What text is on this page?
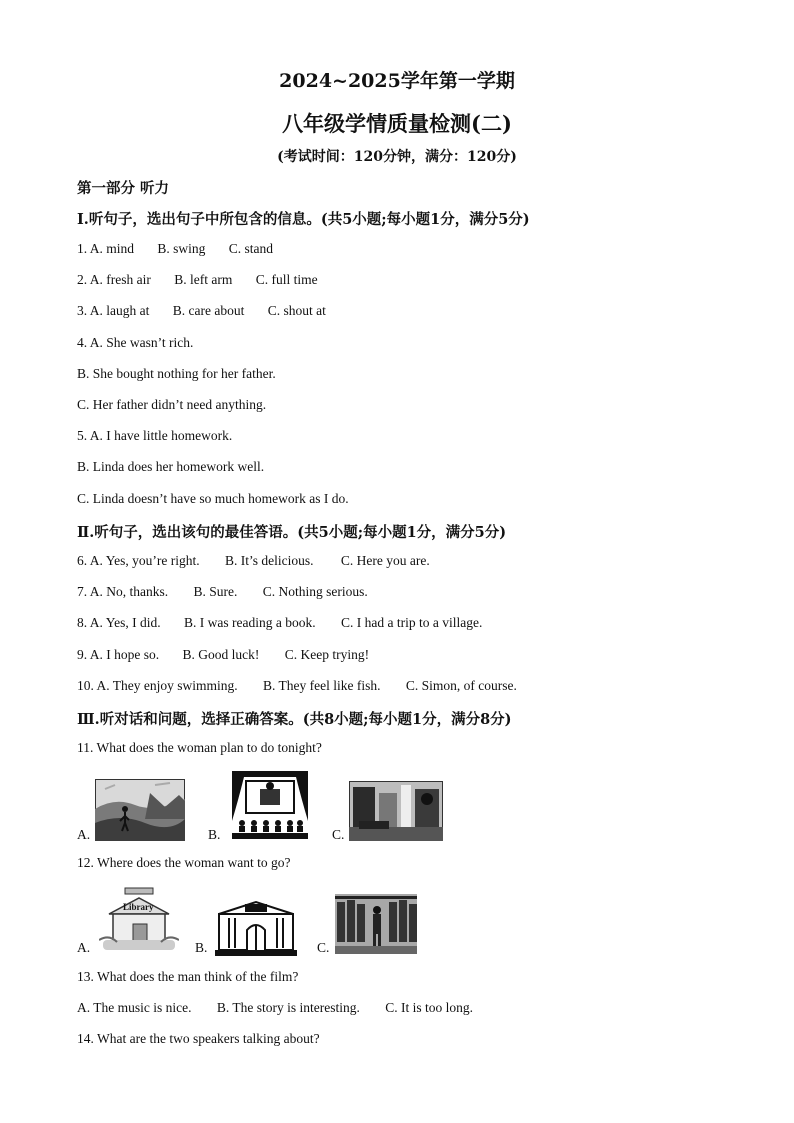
2024~2025学年第一学期
八年级学情质量检测(二)
(考试时间：120分钟，满分：120分)
第一部分 听力
Ⅰ.听句子，选出句子中所包含的信息。(共5小题;每小题1分，满分5分)
1. A. mind B. swing C. stand
2. A. fresh air B. left arm C. full time
3. A. laugh at B. care about C. shout at
4. A. She wasn’t rich.
B. She bought nothing for her father.
C. Her father didn’t need anything.
5. A. I have little homework.
B. Linda does her homework well.
C. Linda doesn’t have so much homework as I do.
Ⅱ.听句子，选出该句的最佳答语。(共5小题;每小题1分，满分5分)
6. A. Yes, you’re right. B. It’s delicious. C. Here you are.
7. A. No, thanks. B. Sure. C. Nothing serious.
8. A. Yes, I did. B. I was reading a book. C. I had a trip to a village.
9. A. I hope so. B. Good luck! C. Keep trying!
10. A. They enjoy swimming. B. They feel like fish. C. Simon, of course.
Ⅲ.听对话和问题，选择正确答案。(共8小题;每小题1分，满分8分)
11. What does the woman plan to do tonight?
A.	B.	C.
12. Where does the woman want to go?
A.
Library
B.	C.
13. What does the man think of the film?
A. The music is nice. B. The story is interesting. C. It is too long.
14. What are the two speakers talking about?
